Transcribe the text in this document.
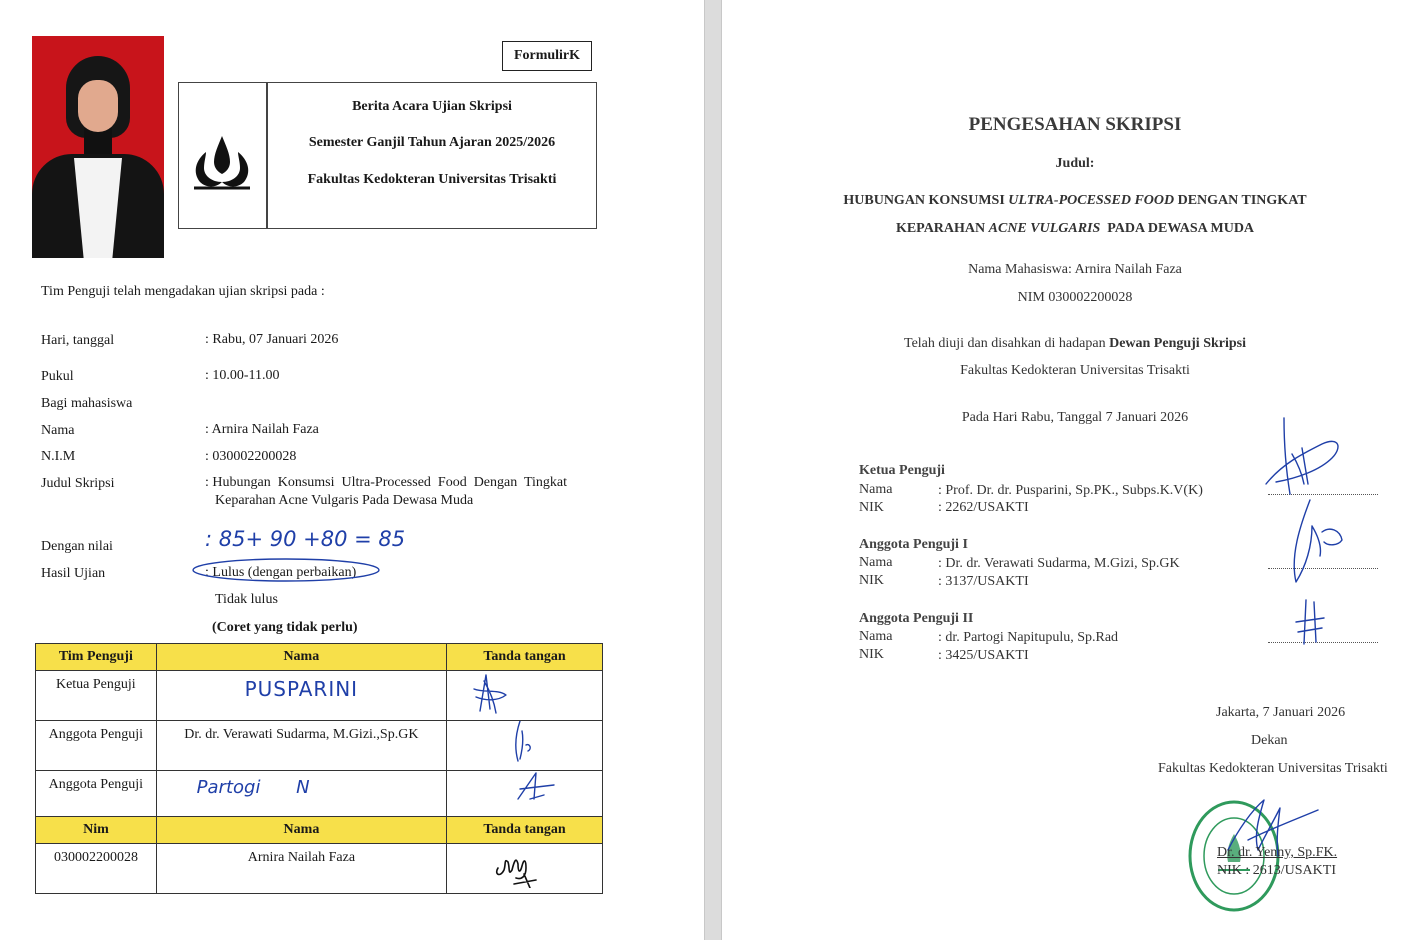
FormulirK
Berita Acara Ujian Skripsi
Semester Ganjil Tahun Ajaran 2025/2026
Fakultas Kedokteran Universitas Trisakti
Tim Penguji telah mengadakan ujian skripsi pada :
Hari, tanggal	: Rabu, 07 Januari 2026
Pukul	: 10.00-11.00
Bagi mahasiswa
Nama	: Arnira Nailah Faza
N.I.M	: 030002200028
Judul Skripsi	: Hubungan  Konsumsi  Ultra-Processed  Food  Dengan  Tingkat
Keparahan Acne Vulgaris Pada Dewasa Muda
Dengan nilai	: 85+ 90 +80 = 85
Hasil Ujian	: Lulus (dengan perbaikan)
Tidak lulus
(Coret yang tidak perlu)
Tim Penguji	Nama	Tanda tangan

Ketua Penguji	PUSPARINI

Anggota Penguji	Dr. dr. Verawati Sudarma, M.Gizi.,Sp.GK

Anggota Penguji	Partogi N

Nim	Nama	Tanda tangan

030002200028	Arnira Nailah Faza

PENGESAHAN SKRIPSI
Judul:
HUBUNGAN KONSUMSI ULTRA-POCESSED FOOD DENGAN TINGKAT
KEPARAHAN ACNE VULGARIS  PADA DEWASA MUDA
Nama Mahasiswa: Arnira Nailah Faza
NIM 030002200028
Telah diuji dan disahkan di hadapan Dewan Penguji Skripsi
Fakultas Kedokteran Universitas Trisakti
Pada Hari Rabu, Tanggal 7 Januari 2026
Ketua Penguji
Nama	: Prof. Dr. dr. Pusparini, Sp.PK., Subps.K.V(K)
NIK	: 2262/USAKTI
Anggota Penguji I
Nama	: Dr. dr. Verawati Sudarma, M.Gizi, Sp.GK
NIK	: 3137/USAKTI
Anggota Penguji II
Nama	: dr. Partogi Napitupulu, Sp.Rad
NIK	: 3425/USAKTI
Jakarta, 7 Januari 2026
Dekan
Fakultas Kedokteran Universitas Trisakti
Dr. dr. Yenny, Sp.FK.
NIK : 2613/USAKTI
